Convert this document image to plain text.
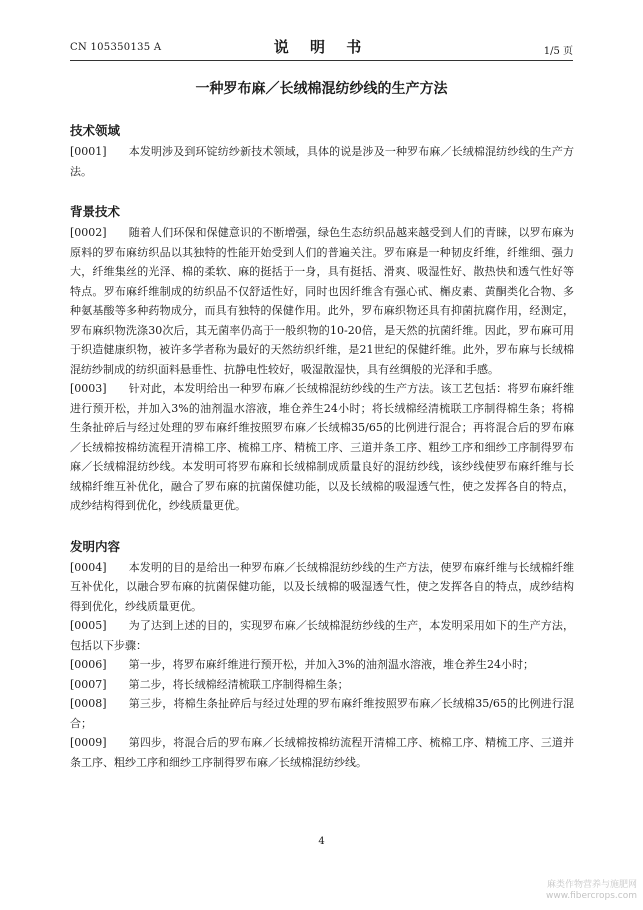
CN 105350135 A	说 明 书	1/5 页
一种罗布麻／长绒棉混纺纱线的生产方法

技术领域

[0001] 本发明涉及到环锭纺纱新技术领域，具体的说是涉及一种罗布麻／长绒棉混纺纱线的生产方法。

背景技术

[0002] 随着人们环保和保健意识的不断增强，绿色生态纺织品越来越受到人们的青睐，以罗布麻为原料的罗布麻纺织品以其独特的性能开始受到人们的普遍关注。罗布麻是一种韧皮纤维，纤维细、强力大，纤维集丝的光泽、棉的柔软、麻的挺括于一身，具有挺括、滑爽、吸湿性好、散热快和透气性好等特点。罗布麻纤维制成的纺织品不仅舒适性好，同时也因纤维含有强心甙、槲皮素、黄酮类化合物、多种氨基酸等多种药物成分，而具有独特的保健作用。此外，罗布麻织物还具有抑菌抗腐作用，经测定，罗布麻织物洗涤30次后，其无菌率仍高于一般织物的10-20倍，是天然的抗菌纤维。因此，罗布麻可用于织造健康织物，被许多学者称为最好的天然纺织纤维，是21世纪的保健纤维。此外，罗布麻与长绒棉混纺纱制成的纺织面料悬垂性、抗静电性较好，吸湿散湿快，具有丝绸般的光泽和手感。

[0003] 针对此，本发明给出一种罗布麻／长绒棉混纺纱线的生产方法。该工艺包括：将罗布麻纤维进行预开松，并加入3%的油剂温水溶液，堆仓养生24小时；将长绒棉经清梳联工序制得棉生条；将棉生条扯碎后与经过处理的罗布麻纤维按照罗布麻／长绒棉35/65的比例进行混合；再将混合后的罗布麻／长绒棉按棉纺流程开清棉工序、梳棉工序、精梳工序、三道并条工序、粗纱工序和细纱工序制得罗布麻／长绒棉混纺纱线。本发明可将罗布麻和长绒棉制成质量良好的混纺纱线，该纱线使罗布麻纤维与长绒棉纤维互补优化，融合了罗布麻的抗菌保健功能，以及长绒棉的吸湿透气性，使之发挥各自的特点，成纱结构得到优化，纱线质量更优。

发明内容

[0004] 本发明的目的是给出一种罗布麻／长绒棉混纺纱线的生产方法，使罗布麻纤维与长绒棉纤维互补优化，以融合罗布麻的抗菌保健功能，以及长绒棉的吸湿透气性，使之发挥各自的特点，成纱结构得到优化，纱线质量更优。

[0005] 为了达到上述的目的，实现罗布麻／长绒棉混纺纱线的生产，本发明采用如下的生产方法，包括以下步骤：

[0006] 第一步，将罗布麻纤维进行预开松，并加入3%的油剂温水溶液，堆仓养生24小时；

[0007] 第二步，将长绒棉经清梳联工序制得棉生条；

[0008] 第三步，将棉生条扯碎后与经过处理的罗布麻纤维按照罗布麻／长绒棉35/65的比例进行混合；

[0009] 第四步，将混合后的罗布麻／长绒棉按棉纺流程开清棉工序、梳棉工序、精梳工序、三道并条工序、粗纱工序和细纱工序制得罗布麻／长绒棉混纺纱线。

4
麻类作物营养与施肥网
www.fibercrops.com
